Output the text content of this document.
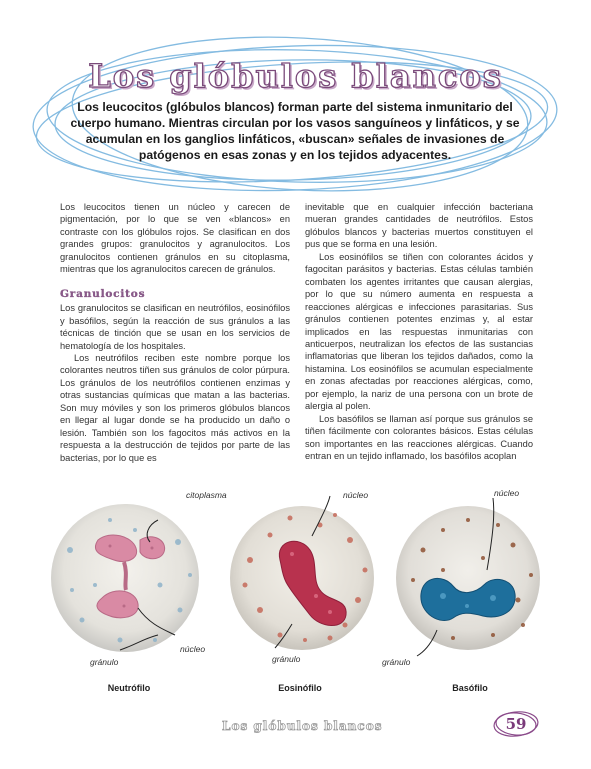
Los glóbulos blancos
Los leucocitos (glóbulos blancos) forman parte del sistema inmunitario del cuerpo humano. Mientras circulan por los vasos sanguíneos y linfáticos, y se acumulan en los ganglios linfáticos, «buscan» señales de invasiones de patógenos en esas zonas y en los tejidos adyacentes.

Los leucocitos tienen un núcleo y carecen de pigmentación, por lo que se ven «blancos» en contraste con los glóbulos rojos. Se clasifican en dos grandes grupos: granulocitos y agranulocitos. Los granulocitos contienen gránulos en su citoplasma, mientras que los agranulocitos carecen de gránulos.

Granulocitos

Los granulocitos se clasifican en neutrófilos, eosinófilos y basófilos, según la reacción de sus gránulos a las técnicas de tinción que se usan en los servicios de hematología de los hospitales.

Los neutrófilos reciben este nombre porque los colorantes neutros tiñen sus gránulos de color púrpura. Los gránulos de los neutrófilos contienen enzimas y otras sustancias químicas que matan a las bacterias. Son muy móviles y son los primeros glóbulos blancos en llegar al lugar donde se ha producido un daño o lesión. También son los fagocitos más activos en la respuesta a la destrucción de tejidos por parte de las bacterias, por lo que es

inevitable que en cualquier infección bacteriana mueran grandes cantidades de neutrófilos. Estos glóbulos blancos y bacterias muertos constituyen el pus que se forma en una lesión.

Los eosinófilos se tiñen con colorantes ácidos y fagocitan parásitos y bacterias. Estas células también combaten los agentes irritantes que causan alergias, por lo que su número aumenta en respuesta a reacciones alérgicas e infecciones parasitarias. Sus gránulos contienen potentes enzimas y, al estar implicados en las respuestas inmunitarias con anticuerpos, neutralizan los efectos de las sustancias inflamatorias que liberan los tejidos dañados, como la histamina. Los eosinófilos se acumulan especialmente en zonas afectadas por reacciones alérgicas, como, por ejemplo, la nariz de una persona con un brote de alergia al polen.

Los basófilos se llaman así porque sus gránulos se tiñen fácilmente con colorantes básicos. Estas células son importantes en las reacciones alérgicas. Cuando entran en un tejido inflamado, los basófilos acoplan

citoplasma
núcleo
gránulo
Neutrófilo
núcleo
gránulo
Eosinófilo
núcleo
gránulo
Basófilo
Los glóbulos blancos	59
